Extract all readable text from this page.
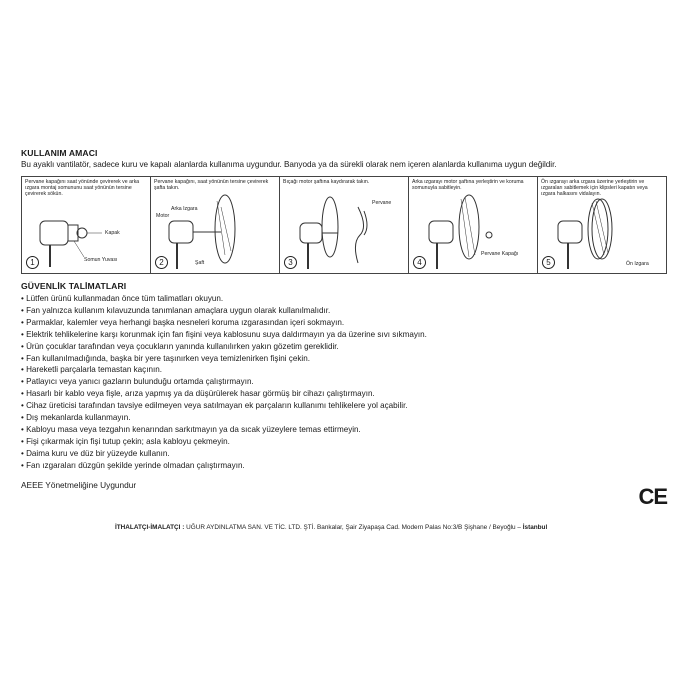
KULLANIM AMACI

Bu ayaklı vantilatör, sadece kuru ve kapalı alanlarda kullanıma uygundur. Banyoda ya da sürekli olarak nem içeren alanlarda kullanıma uygun değildir.

Pervane kapağını saat yönünde çevirerek ve arka ızgara montaj somununu saat yönünün tersine çevirerek sökün.
Kapak
Somun Yuvası
1
Pervane kapağını, saat yönünün tersine çevirerek şafta takın.
Arka Izgara
Motor
Şaft
2
Bıçağı motor şaftına kaydırarak takın.
Pervane
3
Arka ızgarayı motor şaftına yerleştirin ve koruma somunuyla sabitleyin.
Pervane Kapağı
4
Ön ızgarayı arka ızgara üzerine yerleştirin ve ızgaraları sabitlemek için klipsleri kapatın veya ızgara halkasını vidalayın.
Ön Izgara
5

GÜVENLİK TALİMATLARI

• Lütfen ürünü kullanmadan önce tüm talimatları okuyun.
• Fan yalnızca kullanım kılavuzunda tanımlanan amaçlara uygun olarak kullanılmalıdır.
• Parmaklar, kalemler veya herhangi başka nesneleri koruma ızgarasından içeri sokmayın.
• Elektrik tehlikelerine karşı korunmak için fan fişini veya kablosunu suya daldırmayın ya da üzerine sıvı sıkmayın.
• Ürün çocuklar tarafından veya çocukların yanında kullanılırken yakın gözetim gereklidir.
• Fan kullanılmadığında, başka bir yere taşınırken veya temizlenirken fişini çekin.
• Hareketli parçalarla temastan kaçının.
• Patlayıcı veya yanıcı gazların bulunduğu ortamda çalıştırmayın.
• Hasarlı bir kablo veya fişle, arıza yapmış ya da düşürülerek hasar görmüş bir cihazı çalıştırmayın.
• Cihaz üreticisi tarafından tavsiye edilmeyen veya satılmayan ek parçaların kullanımı tehlikelere yol açabilir.
• Dış mekanlarda kullanmayın.
• Kabloyu masa veya tezgahın kenarından sarkıtmayın ya da sıcak yüzeylere temas ettirmeyin.
• Fişi çıkarmak için fişi tutup çekin; asla kabloyu çekmeyin.
• Daima kuru ve düz bir yüzeyde kullanın.
• Fan ızgaraları düzgün şekilde yerinde olmadan çalıştırmayın.
AEEE Yönetmeliğine Uygundur	CE
İTHALATÇI-İMALATÇI : UĞUR AYDINLATMA SAN. VE TİC. LTD. ŞTİ. Bankalar, Şair Ziyapaşa Cad. Modern Palas No:3/B Şişhane / Beyoğlu – İstanbul
